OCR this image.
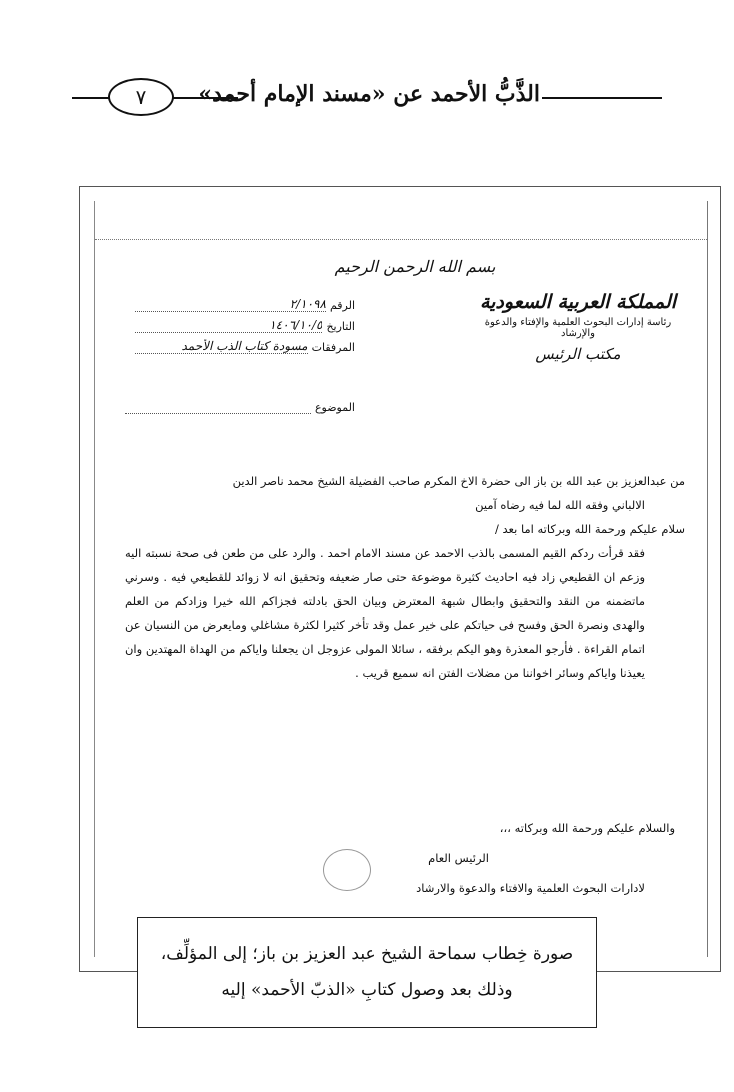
٧	الذَّبُّ الأحمد عن «مسند الإمام أحمد»
بسم الله الرحمن الرحيم
المملكة العربية السعودية
رئاسة إدارات البحوث العلمية والإفتاء والدعوة والإرشاد
مكتب الرئيس
الرقم
٢/١٠٩٨
التاريخ
١٤٠٦/١٠/٥
المرفقات
مسودة كتاب الذب الأحمد
الموضوع

من عبدالعزيز بن عبد الله بن باز الى حضرة الاخ المكرم صاحب الفضيلة الشيخ محمد ناصر الدين

الالباني وفقه الله لما فيه رضاه آمين

سلام عليكم ورحمة الله وبركاته اما بعد /

فقد قرأت ردكم القيم المسمى بالذب الاحمد عن مسند الامام احمد . والرد على من طعن فى صحة نسبته اليه وزعم ان القطيعي زاد فيه احاديث كثيرة موضوعة حتى صار ضعيفه وتحقيق انه لا زوائد للقطيعي فيه . وسرني ماتضمنه من النقد والتحقيق وابطال شبهة المعترض وبيان الحق بادلته فجزاكم الله خيرا وزادكم من العلم والهدى ونصرة الحق وفسح فى حياتكم على خير عمل وقد تأخر كثيرا لكثرة مشاغلي ومايعرض من النسيان عن اتمام القراءة . فأرجو المعذرة وهو اليكم برفقه ، سائلا المولى عزوجل ان يجعلنا واياكم من الهداة المهتدين وان يعيذنا واياكم وسائر اخواننا من مضلات الفتن انه سميع قريب .

والسلام عليكم ورحمة الله وبركاته ،،،
الرئيس العام
لادارات البحوث العلمية والافتاء والدعوة والارشاد
صورة خِطاب سماحة الشيخ عبد العزيز بن باز؛ إلى المؤلِّف،
وذلك بعد وصول كتابِ «الذبّ الأحمد» إليه
